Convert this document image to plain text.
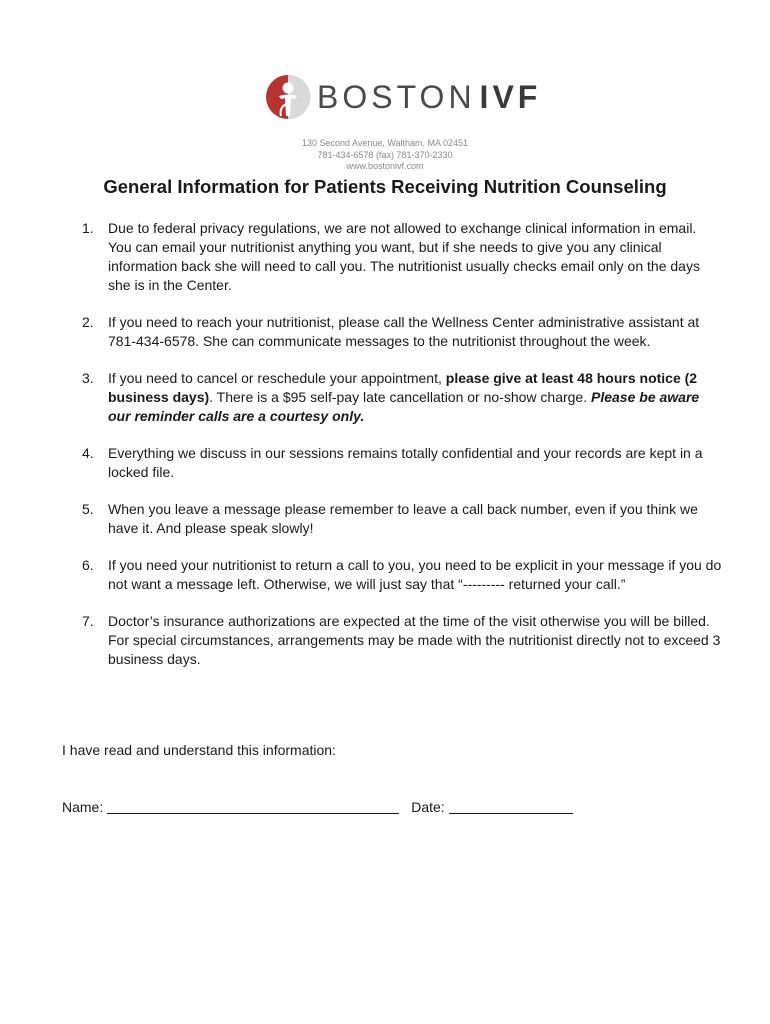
BOSTON IVF
130 Second Avenue, Waltham, MA 02451
781-434-6578 (fax) 781-370-2330
www.bostonivf.com
General Information for Patients Receiving Nutrition Counseling
1. Due to federal privacy regulations, we are not allowed to exchange clinical information in email. You can email your nutritionist anything you want, but if she needs to give you any clinical information back she will need to call you. The nutritionist usually checks email only on the days she is in the Center.
2. If you need to reach your nutritionist, please call the Wellness Center administrative assistant at 781-434-6578. She can communicate messages to the nutritionist throughout the week.
3. If you need to cancel or reschedule your appointment, please give at least 48 hours notice (2 business days). There is a $95 self-pay late cancellation or no-show charge. Please be aware our reminder calls are a courtesy only.
4. Everything we discuss in our sessions remains totally confidential and your records are kept in a locked file.
5. When you leave a message please remember to leave a call back number, even if you think we have it. And please speak slowly!
6. If you need your nutritionist to return a call to you, you need to be explicit in your message if you do not want a message left. Otherwise, we will just say that “--------- returned your call.”
7. Doctor’s insurance authorizations are expected at the time of the visit otherwise you will be billed. For special circumstances, arrangements may be made with the nutritionist directly not to exceed 3 business days.
I have read and understand this information:
Name:	Date:
